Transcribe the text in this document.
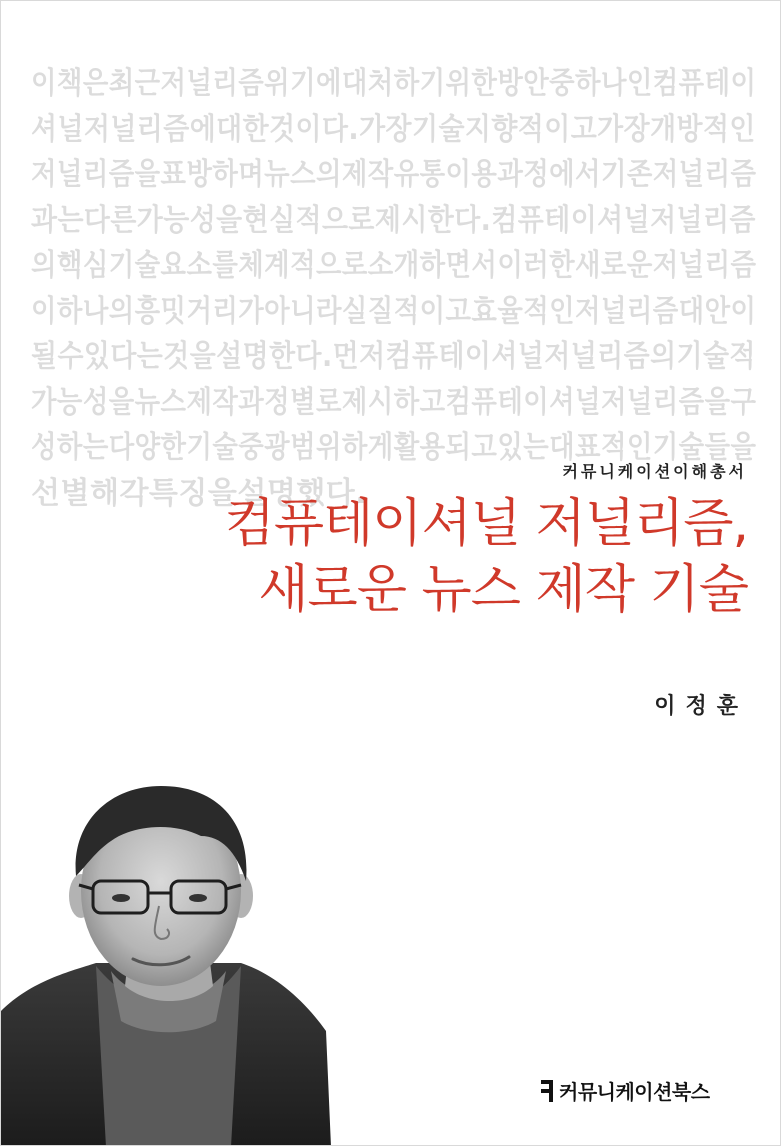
이책은최근저널리즘위기에대처하기위한방안중하나인컴퓨테이
셔널저널리즘에대한것이다.가장기술지향적이고가장개방적인
저널리즘을표방하며뉴스의제작유통이용과정에서기존저널리즘
과는다른가능성을현실적으로제시한다.컴퓨테이셔널저널리즘
의핵심기술요소를체계적으로소개하면서이러한새로운저널리즘
이하나의흥밋거리가아니라실질적이고효율적인저널리즘대안이
될수있다는것을설명한다.먼저컴퓨테이셔널저널리즘의기술적
가능성을뉴스제작과정별로제시하고컴퓨테이셔널저널리즘을구
성하는다양한기술중광범위하게활용되고있는대표적인기술들을
선별해각특징을설명했다.
커뮤니케이션이해총서
컴퓨테이셔널 저널리즘,
새로운 뉴스 제작 기술
이정훈
커뮤니케이션북스
